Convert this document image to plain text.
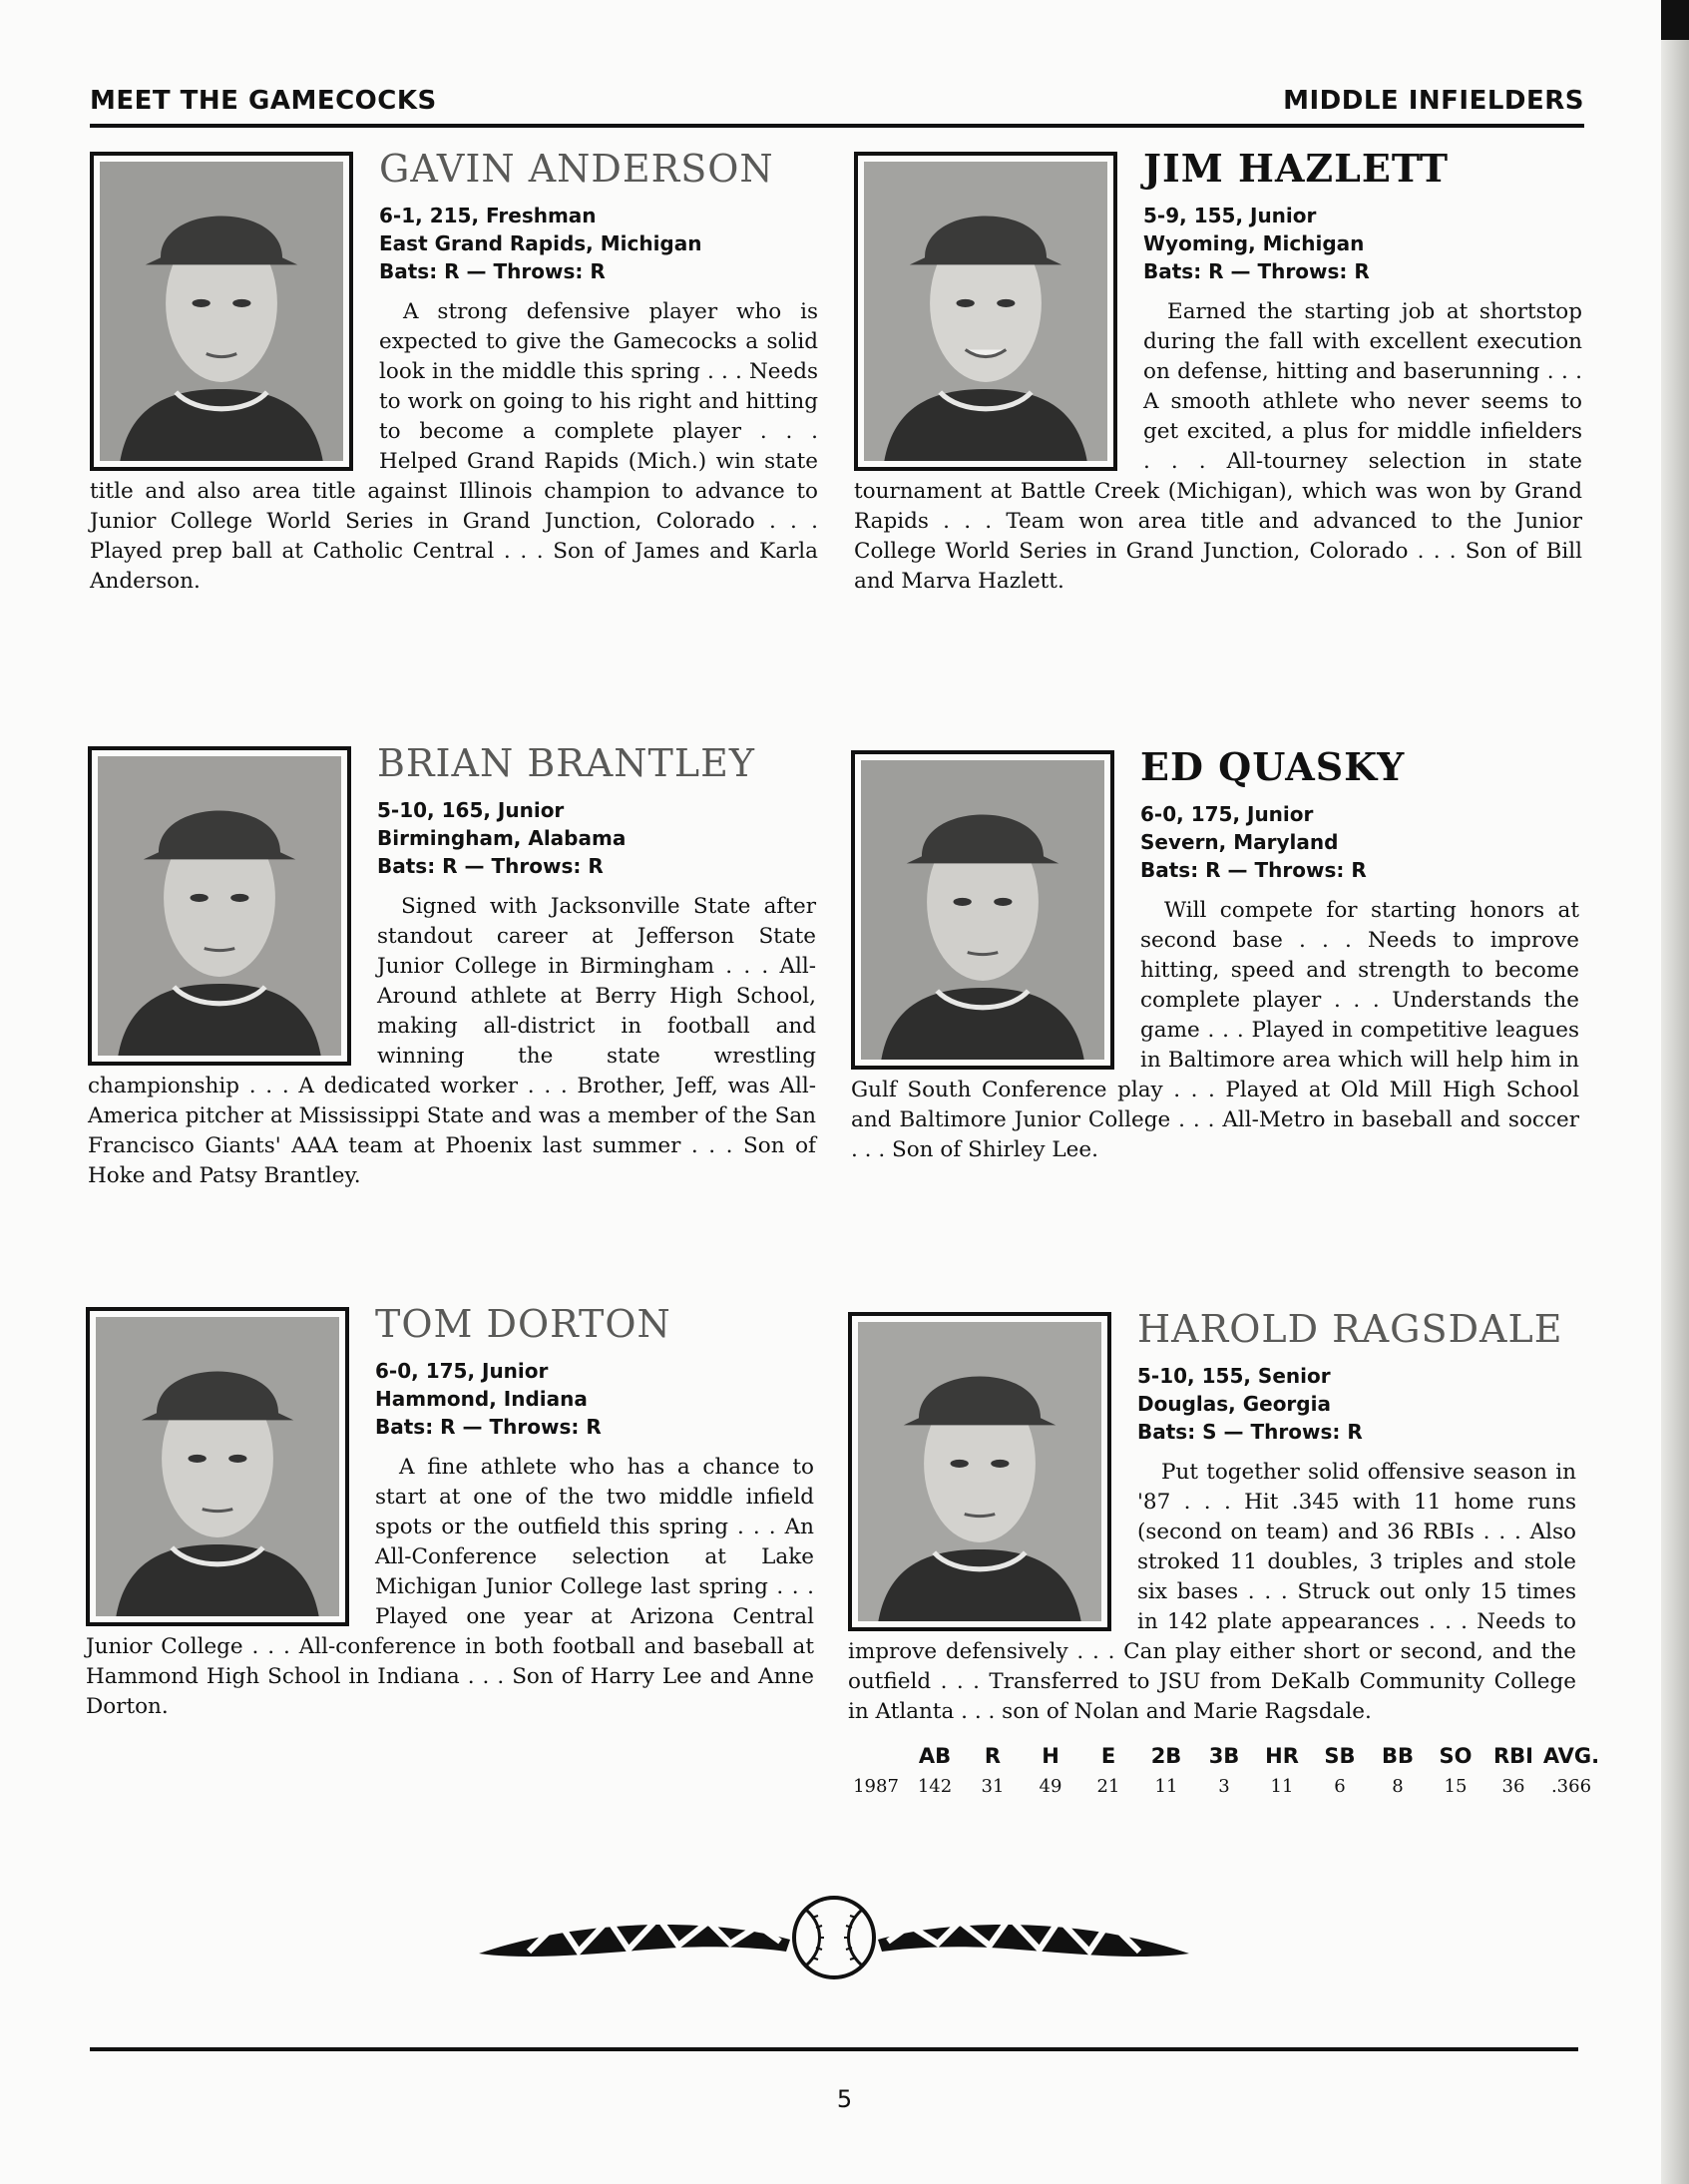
MEET THE GAMECOCKS	MIDDLE INFIELDERS
GAVIN ANDERSON
6-1, 215, Freshman
East Grand Rapids, Michigan
Bats: R — Throws: R
A strong defensive player who is expected to give the Gamecocks a solid look in the middle this spring . . . Needs to work on going to his right and hitting to become a complete player . . . Helped Grand Rapids (Mich.) win state title and also area title against Illinois champion to advance to Junior College World Series in Grand Junction, Colorado . . . Played prep ball at Catholic Central . . . Son of James and Karla Anderson.
JIM HAZLETT
5-9, 155, Junior
Wyoming, Michigan
Bats: R — Throws: R
Earned the starting job at shortstop during the fall with excellent execution on defense, hitting and baserunning . . . A smooth athlete who never seems to get excited, a plus for middle infielders . . . All-tourney selection in state tournament at Battle Creek (Michigan), which was won by Grand Rapids . . . Team won area title and advanced to the Junior College World Series in Grand Junction, Colorado . . . Son of Bill and Marva Hazlett.
BRIAN BRANTLEY
5-10, 165, Junior
Birmingham, Alabama
Bats: R — Throws: R
Signed with Jacksonville State after standout career at Jefferson State Junior College in Birmingham . . . All-Around athlete at Berry High School, making all-district in football and winning the state wrestling championship . . . A dedicated worker . . . Brother, Jeff, was All-America pitcher at Mississippi State and was a member of the San Francisco Giants' AAA team at Phoenix last summer . . . Son of Hoke and Patsy Brantley.
ED QUASKY
6-0, 175, Junior
Severn, Maryland
Bats: R — Throws: R
Will compete for starting honors at second base . . . Needs to improve hitting, speed and strength to become complete player . . . Understands the game . . . Played in competitive leagues in Baltimore area which will help him in Gulf South Conference play . . . Played at Old Mill High School and Baltimore Junior College . . . All-Metro in baseball and soccer . . . Son of Shirley Lee.
TOM DORTON
6-0, 175, Junior
Hammond, Indiana
Bats: R — Throws: R
A fine athlete who has a chance to start at one of the two middle infield spots or the outfield this spring . . . An All-Conference selection at Lake Michigan Junior College last spring . . . Played one year at Arizona Central Junior College . . . All-conference in both football and baseball at Hammond High School in Indiana . . . Son of Harry Lee and Anne Dorton.
HAROLD RAGSDALE
5-10, 155, Senior
Douglas, Georgia
Bats: S — Throws: R
Put together solid offensive season in '87 . . . Hit .345 with 11 home runs (second on team) and 36 RBIs . . . Also stroked 11 doubles, 3 triples and stole six bases . . . Struck out only 15 times in 142 plate appearances . . . Needs to improve defensively . . . Can play either short or second, and the outfield . . . Transferred to JSU from DeKalb Community College in Atlanta . . . son of Nolan and Marie Ragsdale.
	AB	R	H	E	2B	3B	HR	SB	BB	SO	RBI	AVG.
1987	142	31	49	21	11	3	11	6	8	15	36	.366
5
